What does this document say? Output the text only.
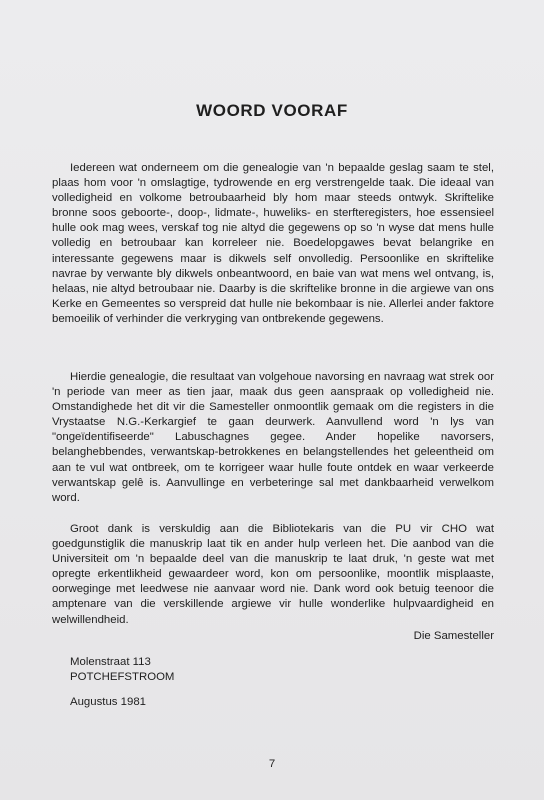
WOORD VOORAF

Iedereen wat onderneem om die genealogie van 'n bepaalde geslag saam te stel, plaas hom voor 'n omslagtige, tydrowende en erg verstrengelde taak. Die ideaal van volledigheid en volkome betroubaarheid bly hom maar steeds ontwyk. Skriftelike bronne soos geboorte-, doop-, lidmate-, huweliks- en sterfteregisters, hoe essensieel hulle ook mag wees, verskaf tog nie altyd die gegewens op so 'n wyse dat mens hulle volledig en betroubaar kan korreleer nie. Boedelopgawes bevat belangrike en interessante gegewens maar is dikwels self onvolledig. Persoonlike en skriftelike navrae by verwante bly dikwels onbeantwoord, en baie van wat mens wel ontvang, is, helaas, nie altyd betroubaar nie. Daarby is die skriftelike bronne in die argiewe van ons Kerke en Gemeentes so verspreid dat hulle nie bekombaar is nie. Allerlei ander faktore bemoeilik of verhinder die verkryging van ontbrekende gegewens.

Hierdie genealogie, die resultaat van volgehoue navorsing en navraag wat strek oor 'n periode van meer as tien jaar, maak dus geen aanspraak op volledigheid nie. Omstandighede het dit vir die Samesteller onmoontlik gemaak om die registers in die Vrystaatse N.G.-Kerkargief te gaan deurwerk. Aanvullend word 'n lys van "ongeïdentifiseerde" Labuschagnes gegee. Ander hopelike navorsers, belanghebbendes, verwantskap-betrokkenes en belangstellendes het geleentheid om aan te vul wat ontbreek, om te korrigeer waar hulle foute ontdek en waar verkeerde verwantskap gelê is. Aanvullinge en verbeteringe sal met dankbaarheid verwelkom word.

Groot dank is verskuldig aan die Bibliotekaris van die PU vir CHO wat goedgunstiglik die manuskrip laat tik en ander hulp verleen het. Die aanbod van die Universiteit om 'n bepaalde deel van die manuskrip te laat druk, 'n geste wat met opregte erkentlikheid gewaardeer word, kon om persoonlike, moontlik misplaaste, oorweginge met leedwese nie aanvaar word nie. Dank word ook betuig teenoor die amptenare van die verskillende argiewe vir hulle wonderlike hulpvaardigheid en welwillendheid.

Die Samesteller
Molenstraat 113
POTCHEFSTROOM
Augustus 1981
7
